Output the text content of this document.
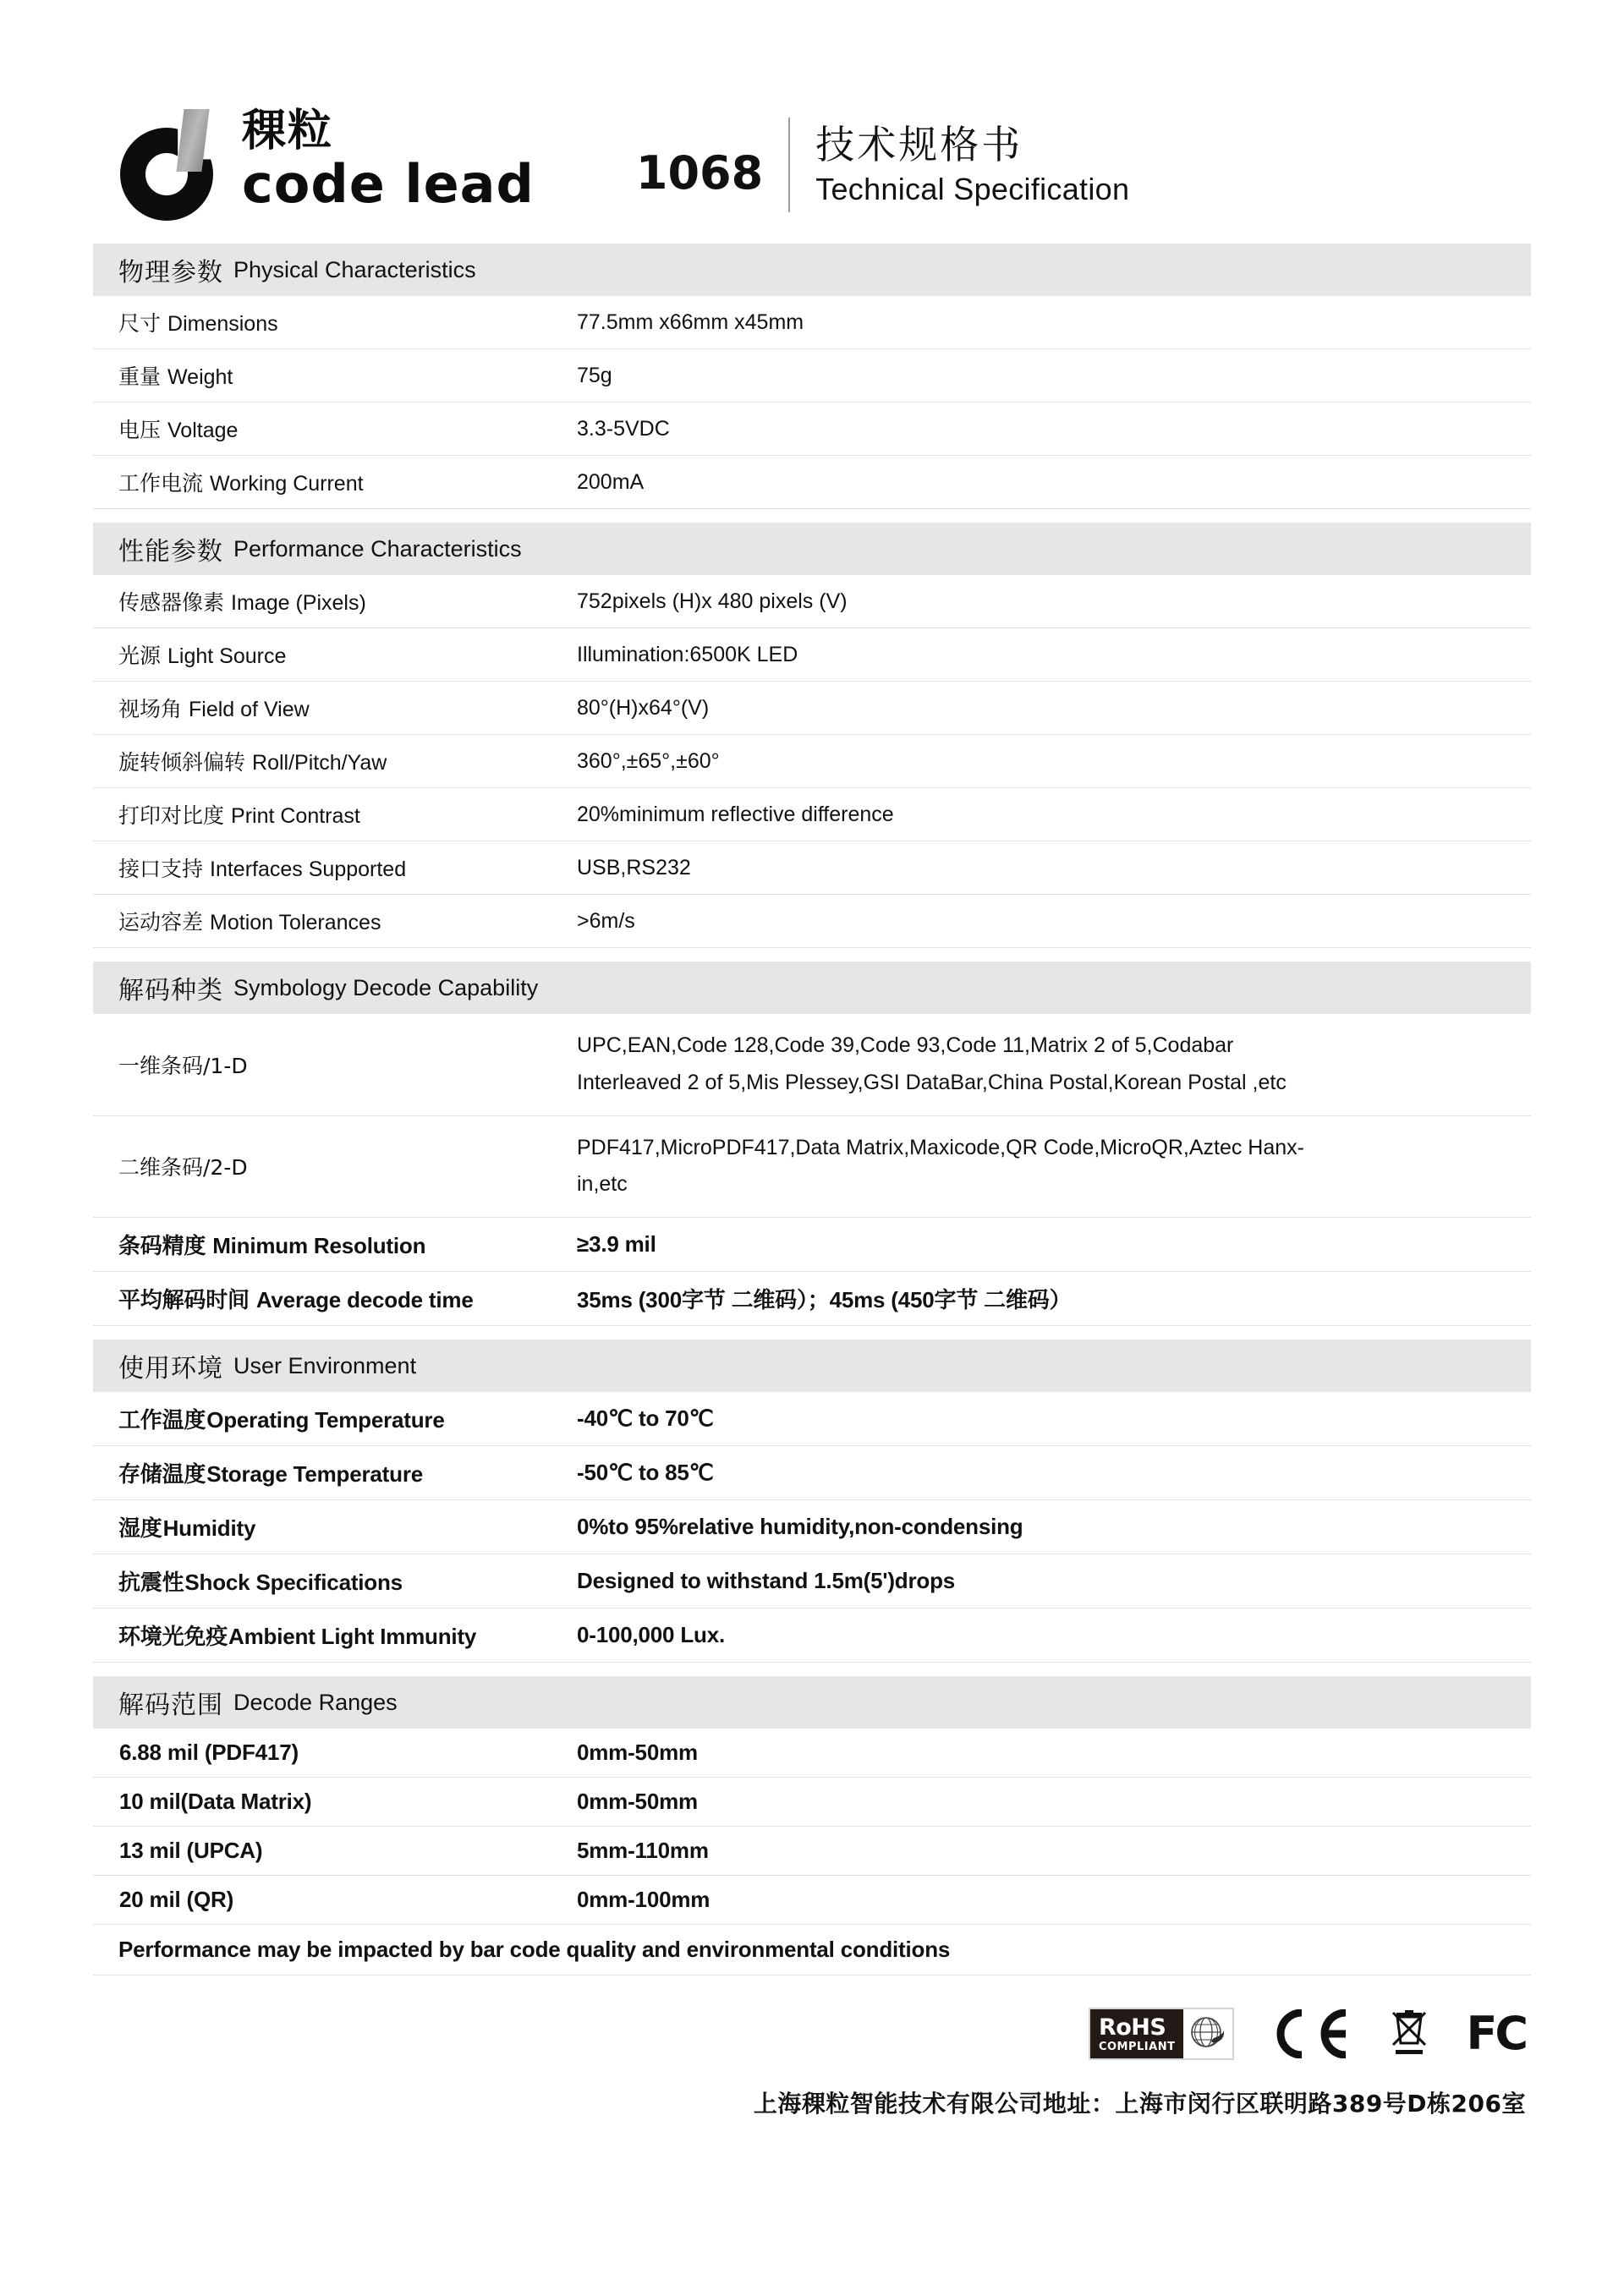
稞粒
code lead 1068
技术规格书
Technical Specification
物理参数 Physical Characteristics
尺寸 Dimensions	77.5mm x66mm x45mm
重量 Weight	75g
电压 Voltage	3.3-5VDC
工作电流 Working Current	200mA
性能参数 Performance Characteristics
传感器像素 Image (Pixels)	752pixels (H)x 480 pixels (V)
光源 Light Source	Illumination:6500K LED
视场角 Field of View	80°(H)x64°(V)
旋转倾斜偏转 Roll/Pitch/Yaw	360°,±65°,±60°
打印对比度 Print Contrast	20%minimum reflective difference
接口支持 Interfaces Supported	USB,RS232
运动容差 Motion Tolerances	>6m/s
解码种类 Symbology Decode Capability
一维条码/1-D	UPC,EAN,Code 128,Code 39,Code 93,Code 11,Matrix 2 of 5,Codabar
Interleaved 2 of 5,Mis Plessey,GSI DataBar,China Postal,Korean Postal ,etc

二维条码/2-D	PDF417,MicroPDF417,Data Matrix,Maxicode,QR Code,MicroQR,Aztec Hanx-
in,etc

条码精度 Minimum Resolution	≥3.9 mil
平均解码时间 Average decode time	35ms (300字节 二维码）；45ms (450字节 二维码）
使用环境 User Environment
工作温度Operating Temperature	-40℃ to 70℃
存储温度Storage Temperature	-50℃ to 85℃
湿度Humidity	0%to 95%relative humidity,non-condensing
抗震性Shock Specifications	Designed to withstand 1.5m(5')drops
环境光免疫Ambient Light Immunity	0-100,000 Lux.
解码范围 Decode Ranges
6.88 mil (PDF417)	0mm-50mm
10 mil(Data Matrix)	0mm-50mm
13 mil (UPCA)	5mm-110mm
20 mil (QR)	0mm-100mm
Performance may be impacted by bar code quality and environmental conditions	
RoHS
COMPLIANT	FC
上海稞粒智能技术有限公司地址：上海市闵行区联明路389号D栋206室
